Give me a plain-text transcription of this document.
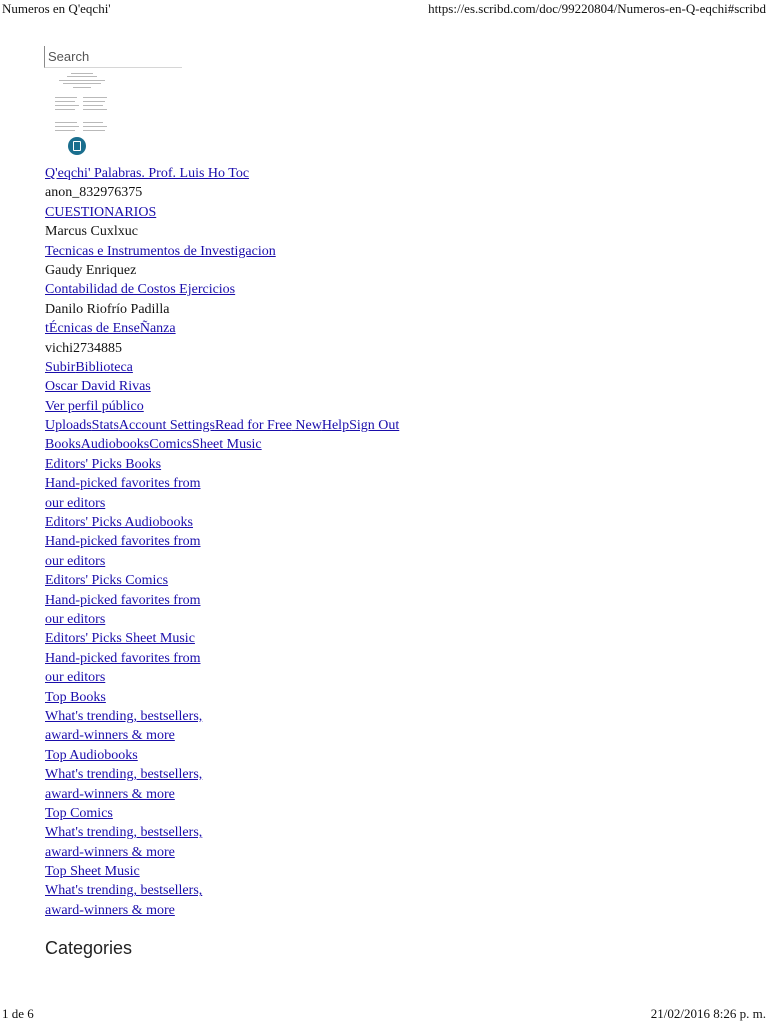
Numeros en Q'eqchi'	https://es.scribd.com/doc/99220804/Numeros-en-Q-eqchi#scribd
Search
Q'eqchi' Palabras. Prof. Luis Ho Toc
anon_832976375
CUESTIONARIOS
Marcus Cuxlxuc
Tecnicas e Instrumentos de Investigacion
Gaudy Enriquez
Contabilidad de Costos Ejercicios
Danilo Riofrío Padilla
tÉcnicas de EnseÑanza
vichi2734885
SubirBiblioteca
Oscar David Rivas
Ver perfil público
UploadsStatsAccount SettingsRead for Free NewHelpSign Out
BooksAudiobooksComicsSheet Music
Editors' Picks Books
Hand-picked favorites from
our editors
Editors' Picks Audiobooks
Hand-picked favorites from
our editors
Editors' Picks Comics
Hand-picked favorites from
our editors
Editors' Picks Sheet Music
Hand-picked favorites from
our editors
Top Books
What's trending, bestsellers,
award-winners & more
Top Audiobooks
What's trending, bestsellers,
award-winners & more
Top Comics
What's trending, bestsellers,
award-winners & more
Top Sheet Music
What's trending, bestsellers,
award-winners & more
Categories
1 de 6	21/02/2016 8:26 p. m.
